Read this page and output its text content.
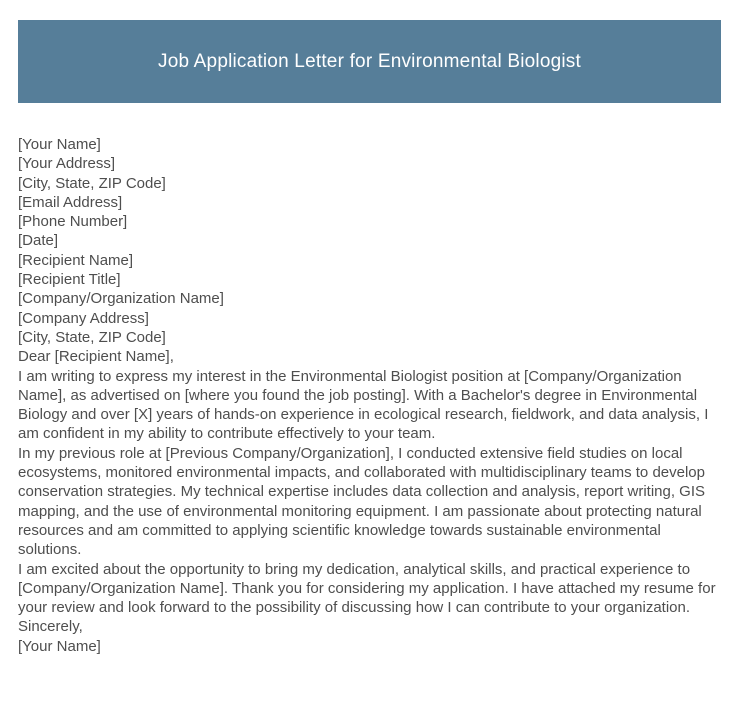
Job Application Letter for Environmental Biologist
[Your Name]
[Your Address]
[City, State, ZIP Code]
[Email Address]
[Phone Number]
[Date]
[Recipient Name]
[Recipient Title]
[Company/Organization Name]
[Company Address]
[City, State, ZIP Code]
Dear [Recipient Name],

I am writing to express my interest in the Environmental Biologist position at [Company/Organization Name], as advertised on [where you found the job posting]. With a Bachelor's degree in Environmental Biology and over [X] years of hands-on experience in ecological research, fieldwork, and data analysis, I am confident in my ability to contribute effectively to your team.

In my previous role at [Previous Company/Organization], I conducted extensive field studies on local ecosystems, monitored environmental impacts, and collaborated with multidisciplinary teams to develop conservation strategies. My technical expertise includes data collection and analysis, report writing, GIS mapping, and the use of environmental monitoring equipment. I am passionate about protecting natural resources and am committed to applying scientific knowledge towards sustainable environmental solutions.

I am excited about the opportunity to bring my dedication, analytical skills, and practical experience to [Company/Organization Name]. Thank you for considering my application. I have attached my resume for your review and look forward to the possibility of discussing how I can contribute to your organization.

Sincerely,
[Your Name]
